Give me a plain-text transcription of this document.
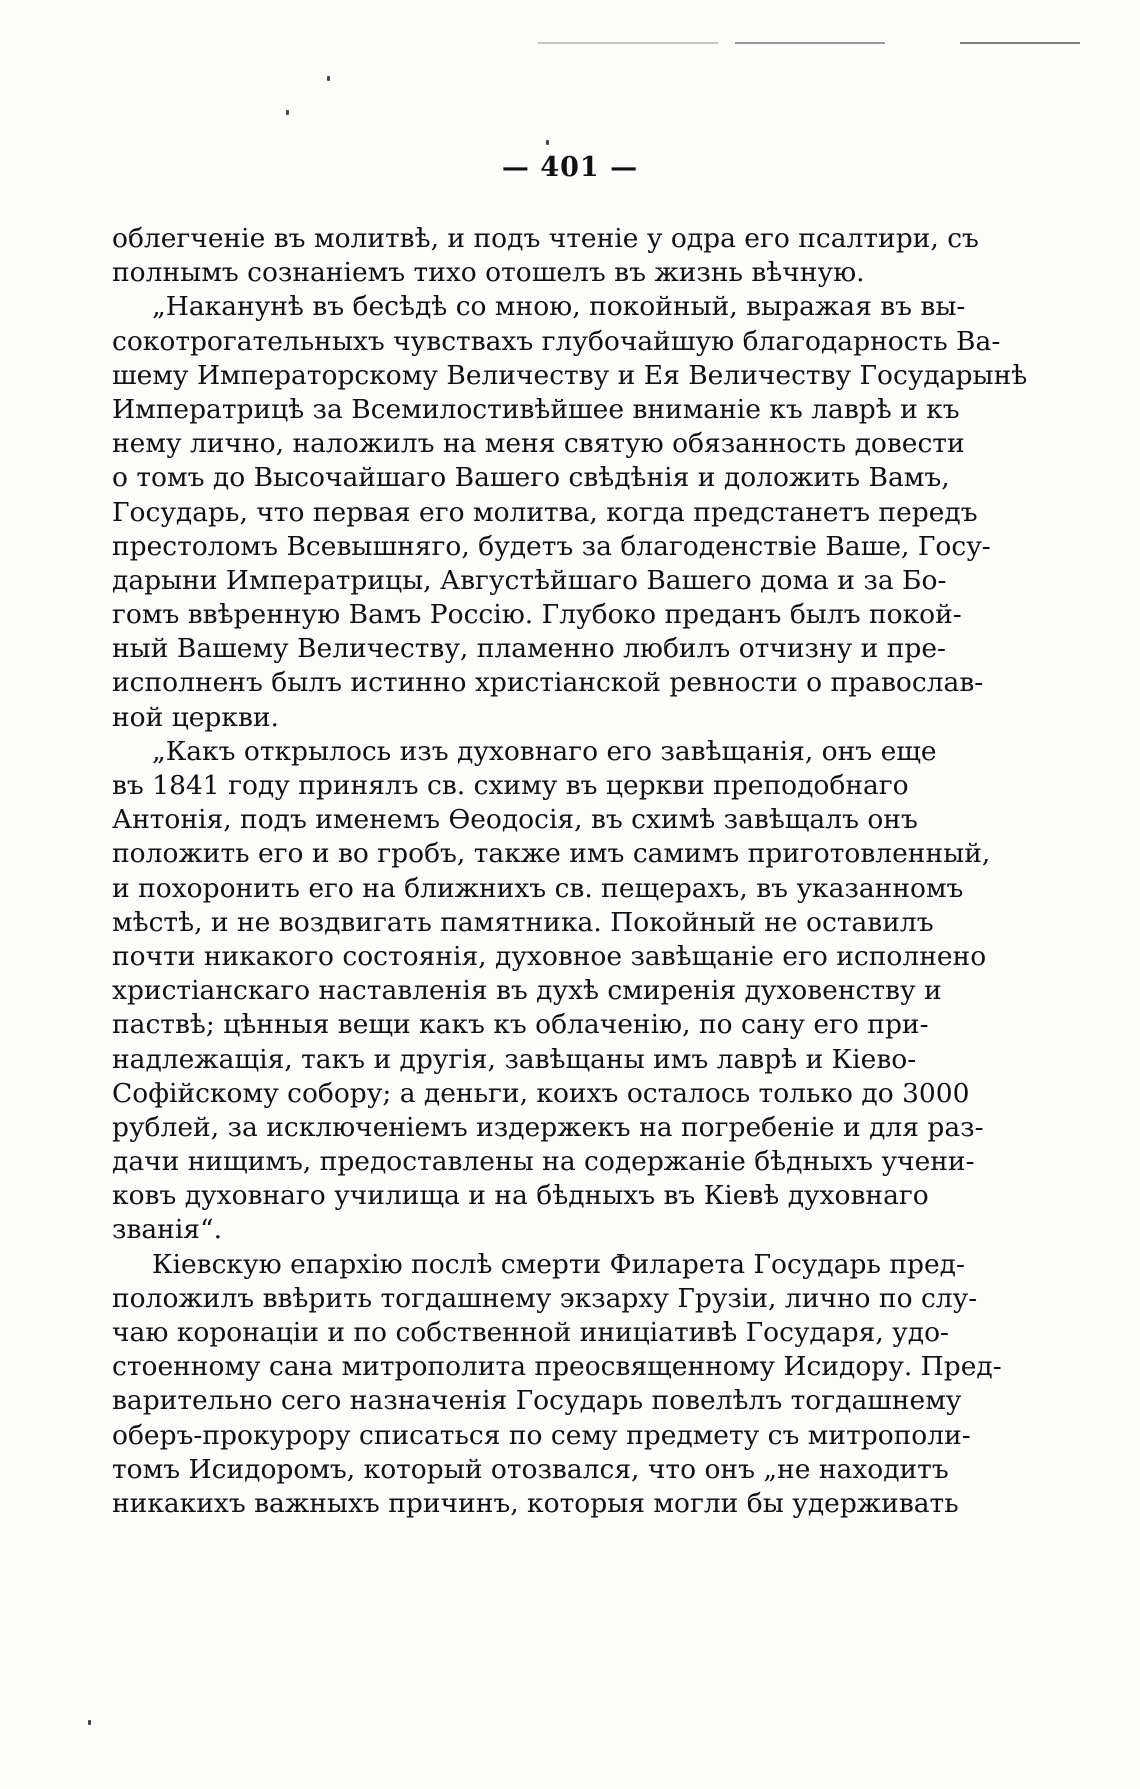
— 401 —
облегченіе въ молитвѣ, и подъ чтеніе у одра его псалтири, съ
полнымъ сознаніемъ тихо отошелъ въ жизнь вѣчную.
„Наканунѣ въ бесѣдѣ со мною, покойный, выражая въ вы-
сокотрогательныхъ чувствахъ глубочайшую благодарность Ва-
шему Императорскому Величеству и Ея Величеству Государынѣ
Императрицѣ за Всемилостивѣйшее вниманіе къ лаврѣ и къ
нему лично, наложилъ на меня святую обязанность довести
о томъ до Высочайшаго Вашего свѣдѣнія и доложить Вамъ,
Государь, что первая его молитва, когда предстанетъ передъ
престоломъ Всевышняго, будетъ за благоденствіе Ваше, Госу-
дарыни Императрицы, Августѣйшаго Вашего дома и за Бо-
гомъ ввѣренную Вамъ Россію. Глубоко преданъ былъ покой-
ный Вашему Величеству, пламенно любилъ отчизну и пре-
исполненъ былъ истинно христіанской ревности о православ-
ной церкви.
„Какъ открылось изъ духовнаго его завѣщанія, онъ еще
въ 1841 году принялъ св. схиму въ церкви преподобнаго
Антонія, подъ именемъ Ѳеодосія, въ схимѣ завѣщалъ онъ
положить его и во гробъ, также имъ самимъ приготовленный,
и похоронить его на ближнихъ св. пещерахъ, въ указанномъ
мѣстѣ, и не воздвигать памятника. Покойный не оставилъ
почти никакого состоянія, духовное завѣщаніе его исполнено
христіанскаго наставленія въ духѣ смиренія духовенству и
паствѣ; цѣнныя вещи какъ къ облаченію, по сану его при-
надлежащія, такъ и другія, завѣщаны имъ лаврѣ и Кіево-
Софійскому собору; а деньги, коихъ осталось только до 3000
рублей, за исключеніемъ издержекъ на погребеніе и для раз-
дачи нищимъ, предоставлены на содержаніе бѣдныхъ учени-
ковъ духовнаго училища и на бѣдныхъ въ Кіевѣ духовнаго
званія“.
Кіевскую епархію послѣ смерти Филарета Государь пред-
положилъ ввѣрить тогдашнему экзарху Грузіи, лично по слу-
чаю коронаціи и по собственной иниціативѣ Государя, удо-
стоенному сана митрополита преосвященному Исидору. Пред-
варительно сего назначенія Государь повелѣлъ тогдашнему
оберъ-прокурору списаться по сему предмету съ митрополи-
томъ Исидоромъ, который отозвался, что онъ „не находитъ
никакихъ важныхъ причинъ, которыя могли бы удерживать
